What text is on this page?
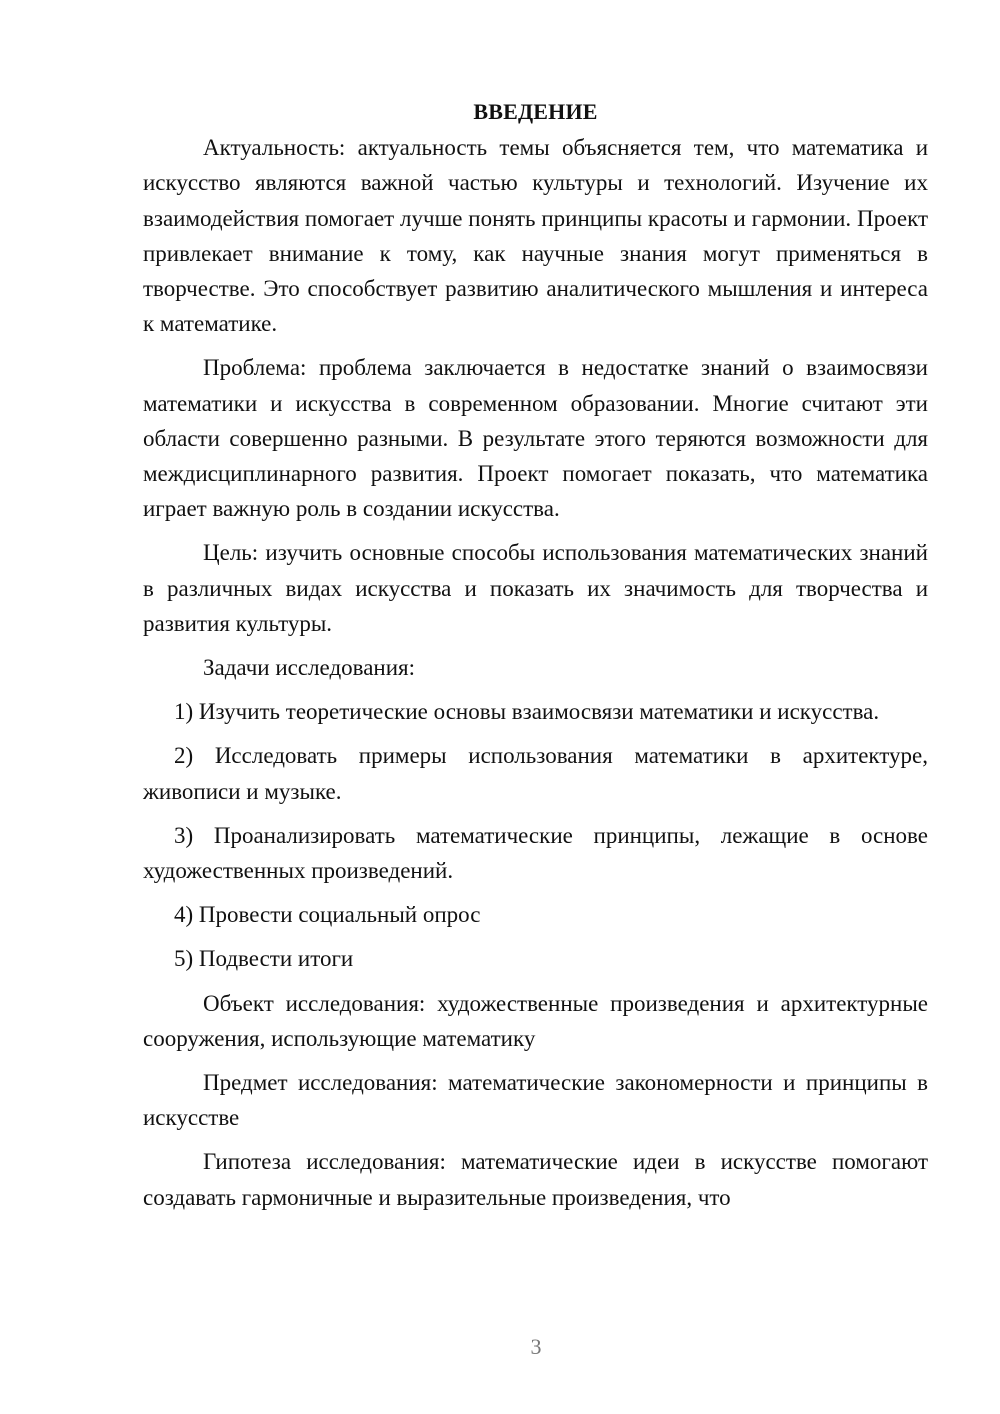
ВВЕДЕНИЕ

Актуальность: актуальность темы объясняется тем, что математика и искусство являются важной частью культуры и технологий. Изучение их взаимодействия помогает лучше понять принципы красоты и гармонии. Проект привлекает внимание к тому, как научные знания могут применяться в творчестве. Это способствует развитию аналитического мышления и интереса к математике.

Проблема: проблема заключается в недостатке знаний о взаимосвязи математики и искусства в современном образовании. Многие считают эти области совершенно разными. В результате этого теряются возможности для междисциплинарного развития. Проект помогает показать, что математика играет важную роль в создании искусства.

Цель: изучить основные способы использования математических знаний в различных видах искусства и показать их значимость для творчества и развития культуры.

Задачи исследования:

1) Изучить теоретические основы взаимосвязи математики и искусства.

2) Исследовать примеры использования математики в архитектуре, живописи и музыке.

3) Проанализировать математические принципы, лежащие в основе художественных произведений.

4) Провести социальный опрос

5) Подвести итоги

Объект исследования: художественные произведения и архитектурные сооружения, использующие математику

Предмет исследования: математические закономерности и принципы в искусстве

Гипотеза исследования: математические идеи в искусстве помогают создавать гармоничные и выразительные произведения, что

3
